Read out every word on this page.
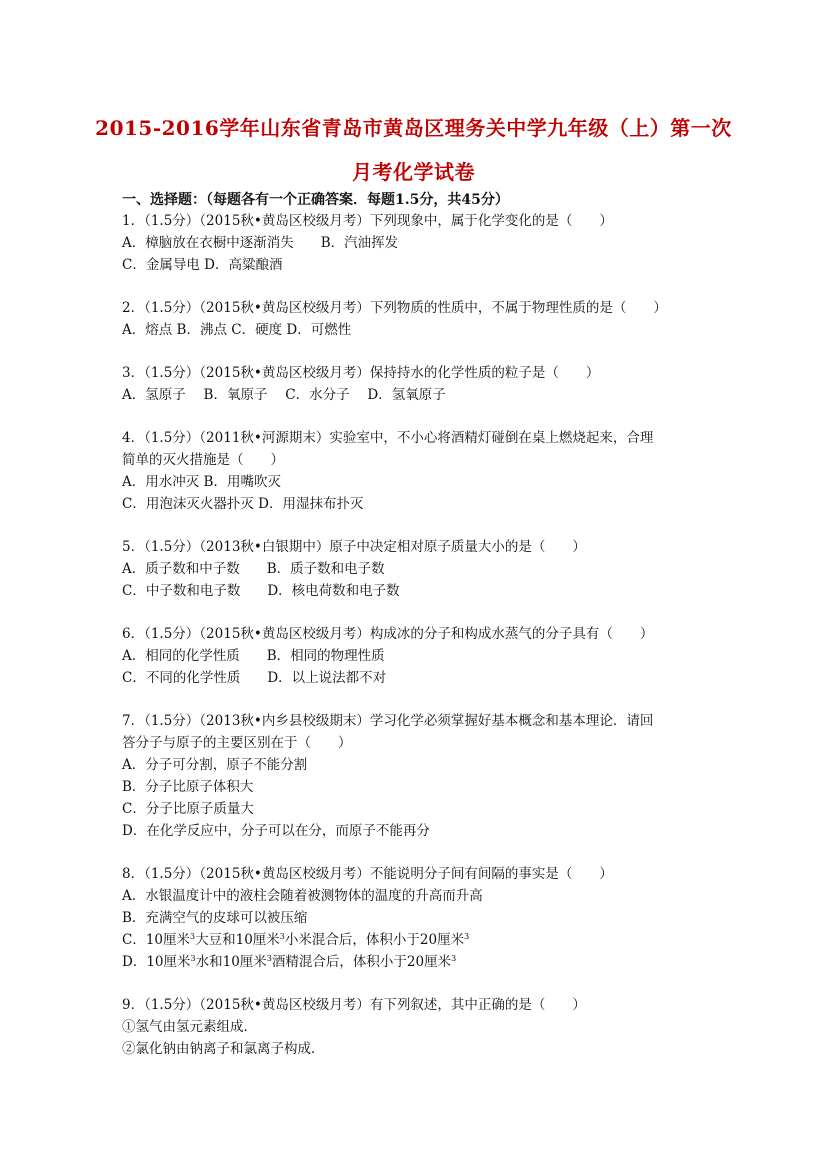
2015-2016学年山东省青岛市黄岛区理务关中学九年级（上）第一次
月考化学试卷
一、选择题：（每题各有一个正确答案．每题1.5分，共45分）
1．（1.5分）（2015秋•黄岛区校级月考）下列现象中，属于化学变化的是（　　）
A．樟脑放在衣橱中逐渐消失　　B．汽油挥发
C．金属导电 D．高粱酿酒
2．（1.5分）（2015秋•黄岛区校级月考）下列物质的性质中，不属于物理性质的是（　　）
A．熔点 B．沸点 C．硬度 D．可燃性
3．（1.5分）（2015秋•黄岛区校级月考）保持持水的化学性质的粒子是（　　）
A．氢原子　 B．氧原子　 C．水分子　 D．氢氧原子
4．（1.5分）（2011秋•河源期末）实验室中，不小心将酒精灯碰倒在桌上燃烧起来，合理
简单的灭火措施是（　　）
A．用水冲灭 B．用嘴吹灭
C．用泡沫灭火器扑灭 D．用湿抹布扑灭
5．（1.5分）（2013秋•白银期中）原子中决定相对原子质量大小的是（　　）
A．质子数和中子数　　B．质子数和电子数
C．中子数和电子数　　D．核电荷数和电子数
6．（1.5分）（2015秋•黄岛区校级月考）构成冰的分子和构成水蒸气的分子具有（　　）
A．相同的化学性质　　B．相同的物理性质
C．不同的化学性质　　D．以上说法都不对
7．（1.5分）（2013秋•内乡县校级期末）学习化学必须掌握好基本概念和基本理论．请回
答分子与原子的主要区别在于（　　）
A．分子可分割，原子不能分割
B．分子比原子体积大
C．分子比原子质量大
D．在化学反应中，分子可以在分，而原子不能再分
8．（1.5分）（2015秋•黄岛区校级月考）不能说明分子间有间隔的事实是（　　）
A．水银温度计中的液柱会随着被测物体的温度的升高而升高
B．充满空气的皮球可以被压缩
C．10厘米$^3$大豆和10厘米$^3$小米混合后，体积小于20厘米$^3$
D．10厘米$^3$水和10厘米$^3$酒精混合后，体积小于20厘米$^3$
9．（1.5分）（2015秋•黄岛区校级月考）有下列叙述，其中正确的是（　　）
①氢气由氢元素组成．
②氯化钠由钠离子和氯离子构成．
